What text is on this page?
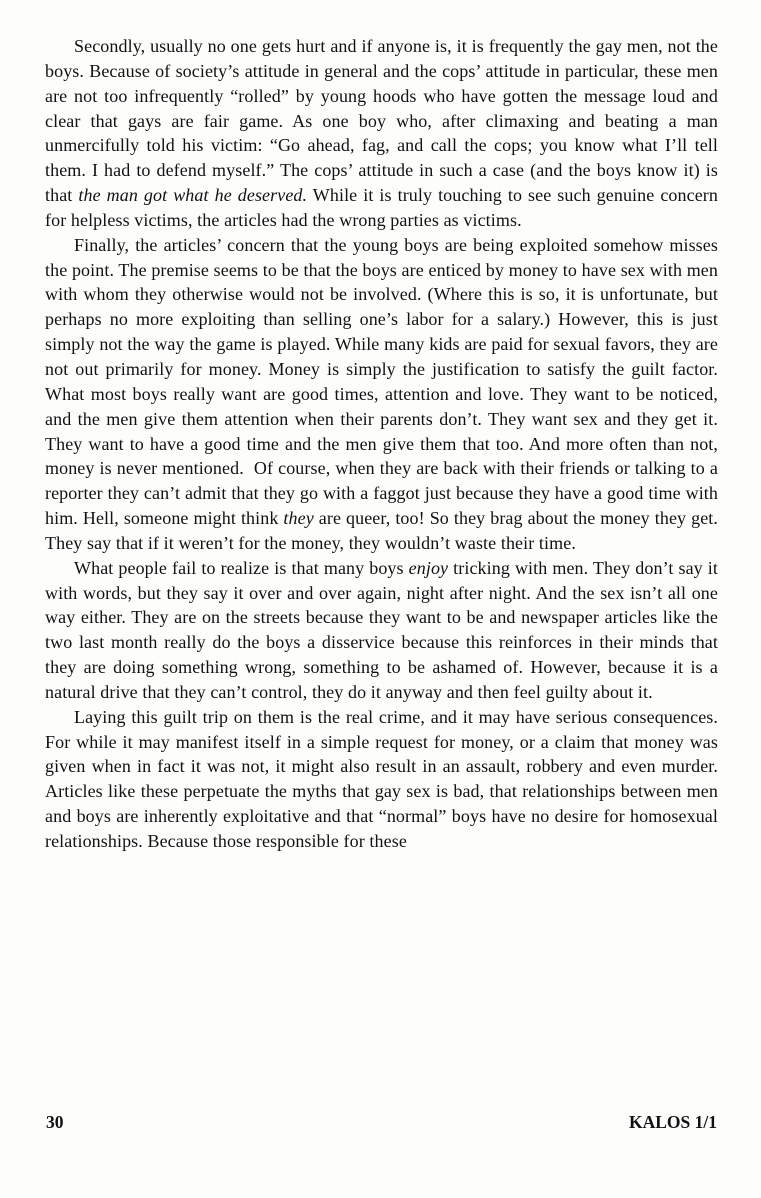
Secondly, usually no one gets hurt and if anyone is, it is frequently the gay men, not the boys. Because of society’s attitude in general and the cops’ attitude in particular, these men are not too infrequently “rolled” by young hoods who have gotten the message loud and clear that gays are fair game. As one boy who, after climaxing and beating a man unmercifully told his victim: “Go ahead, fag, and call the cops; you know what I’ll tell them. I had to defend myself.” The cops’ attitude in such a case (and the boys know it) is that the man got what he deserved. While it is truly touching to see such genuine concern for helpless victims, the articles had the wrong parties as victims.

Finally, the articles’ concern that the young boys are being exploited somehow misses the point. The premise seems to be that the boys are enticed by money to have sex with men with whom they otherwise would not be involved. (Where this is so, it is unfortunate, but perhaps no more exploiting than selling one’s labor for a salary.) However, this is just simply not the way the game is played. While many kids are paid for sexual favors, they are not out primarily for money. Money is simply the justification to satisfy the guilt factor. What most boys really want are good times, attention and love. They want to be noticed, and the men give them attention when their parents don’t. They want sex and they get it. They want to have a good time and the men give them that too. And more often than not, money is never mentioned.  Of course, when they are back with their friends or talking to a reporter they can’t admit that they go with a faggot just because they have a good time with him. Hell, someone might think they are queer, too! So they brag about the money they get. They say that if it weren’t for the money, they wouldn’t waste their time.

What people fail to realize is that many boys enjoy tricking with men. They don’t say it with words, but they say it over and over again, night after night. And the sex isn’t all one way either. They are on the streets because they want to be and newspaper articles like the two last month really do the boys a disservice because this reinforces in their minds that they are doing something wrong, something to be ashamed of. However, because it is a natural drive that they can’t control, they do it anyway and then feel guilty about it.

Laying this guilt trip on them is the real crime, and it may have serious consequences. For while it may manifest itself in a simple request for money, or a claim that money was given when in fact it was not, it might also result in an assault, robbery and even murder. Articles like these perpetuate the myths that gay sex is bad, that relationships between men and boys are inherently exploitative and that “normal” boys have no desire for homosexual relationships. Because those responsible for these

30	KALOS 1/1
